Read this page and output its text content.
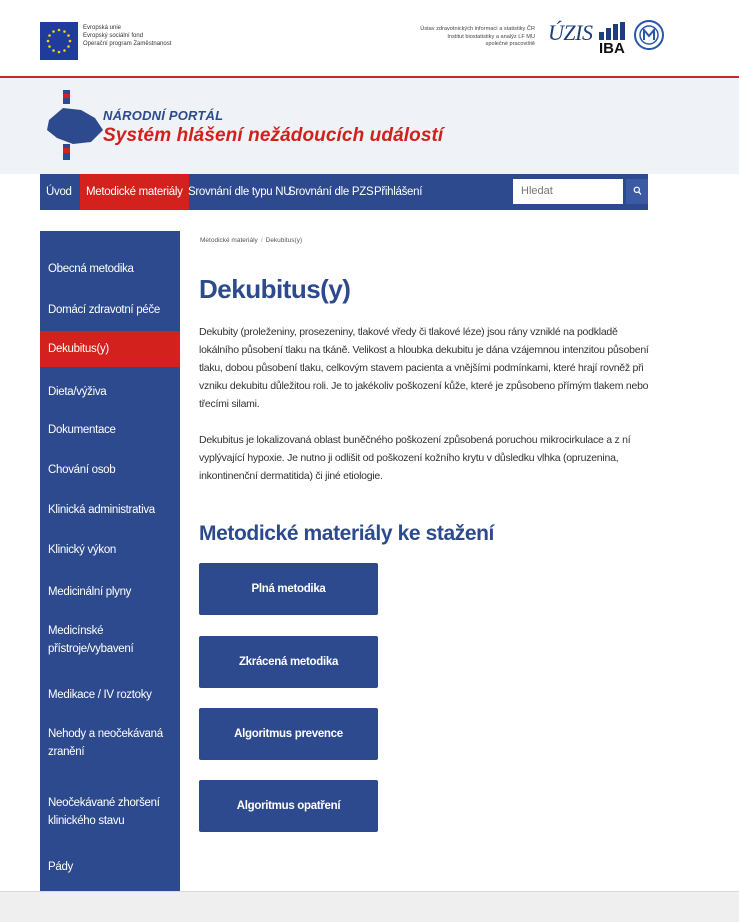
Evropská unie
Evropský sociální fond
Operační program Zaměstnanost
Ústav zdravotnických informací a statistiky ČR
Institut biostatistiky a analýz LF MU
společné pracoviště ÚZIS
IBA
NÁRODNÍ PORTÁL
Systém hlášení nežádoucích událostí
Úvod	Metodické materiály Srovnání dle typu NU
Srovnání dle PZS Přihlášení
Hledat
Obecná metodika
Domácí zdravotní péče
Dekubitus(y)
Dieta/výživa
Dokumentace
Chování osob
Klinická administrativa
Klinický výkon
Medicinální plyny
Medicínské přístroje/vybavení
Medikace / IV roztoky
Nehody a neočekávaná zranění
Neočekávané zhoršení klinického stavu
Pády
Metodické materiály / Dekubitus(y)
Dekubitus(y)

Dekubity (proleženiny, prosezeniny, tlakové vředy či tlakové léze) jsou rány vzniklé na podkladě lokálního působení tlaku na tkáně. Velikost a hloubka dekubitu je dána vzájemnou intenzitou působení tlaku, dobou působení tlaku, celkovým stavem pacienta a vnějšími podmínkami, které hrají rovněž při vzniku dekubitu důležitou roli. Je to jakékoliv poškození kůže, které je způsobeno přímým tlakem nebo třecími silami.

Dekubitus je lokalizovaná oblast buněčného poškození způsobená poruchou mikrocirkulace a z ní vyplývající hypoxie. Je nutno ji odlišit od poškození kožního krytu v důsledku vlhka (opruzenina, inkontinenční dermatitida) či jiné etiologie.

Metodické materiály ke stažení
Plná metodika
Zkrácená metodika
Algoritmus prevence
Algoritmus opatření
